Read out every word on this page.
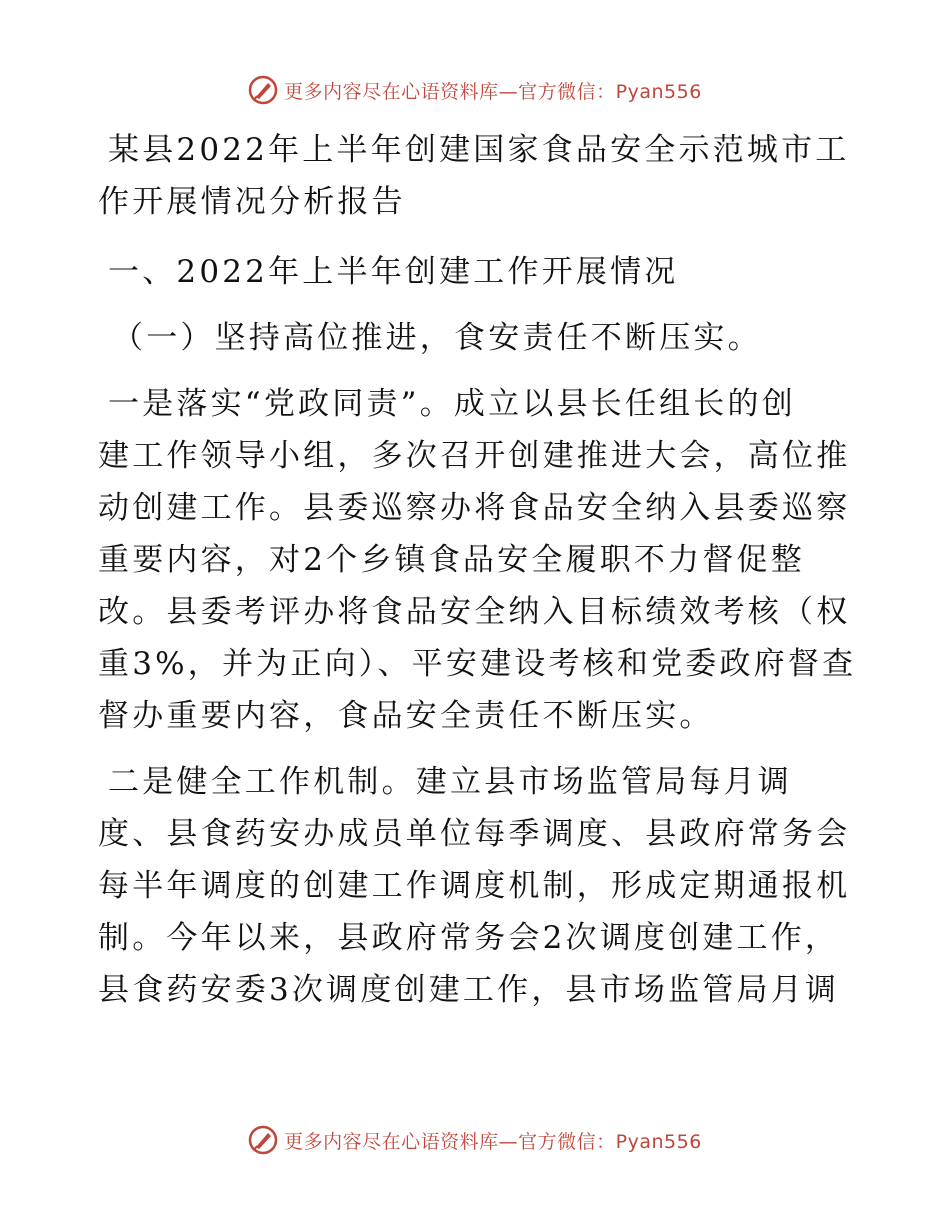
更多内容尽在心语资料库—官方微信：Pyan556
某县2022年上半年创建国家食品安全示范城市工
作开展情况分析报告
一、2022年上半年创建工作开展情况
（一）坚持高位推进，食安责任不断压实。
一是落实“党政同责”。成立以县长任组长的创
建工作领导小组，多次召开创建推进大会，高位推
动创建工作。县委巡察办将食品安全纳入县委巡察
重要内容，对2个乡镇食品安全履职不力督促整
改。县委考评办将食品安全纳入目标绩效考核（权
重3%，并为正向）、平安建设考核和党委政府督查
督办重要内容，食品安全责任不断压实。
二是健全工作机制。建立县市场监管局每月调
度、县食药安办成员单位每季调度、县政府常务会
每半年调度的创建工作调度机制，形成定期通报机
制。今年以来，县政府常务会2次调度创建工作，
县食药安委3次调度创建工作，县市场监管局月调
更多内容尽在心语资料库—官方微信：Pyan556
